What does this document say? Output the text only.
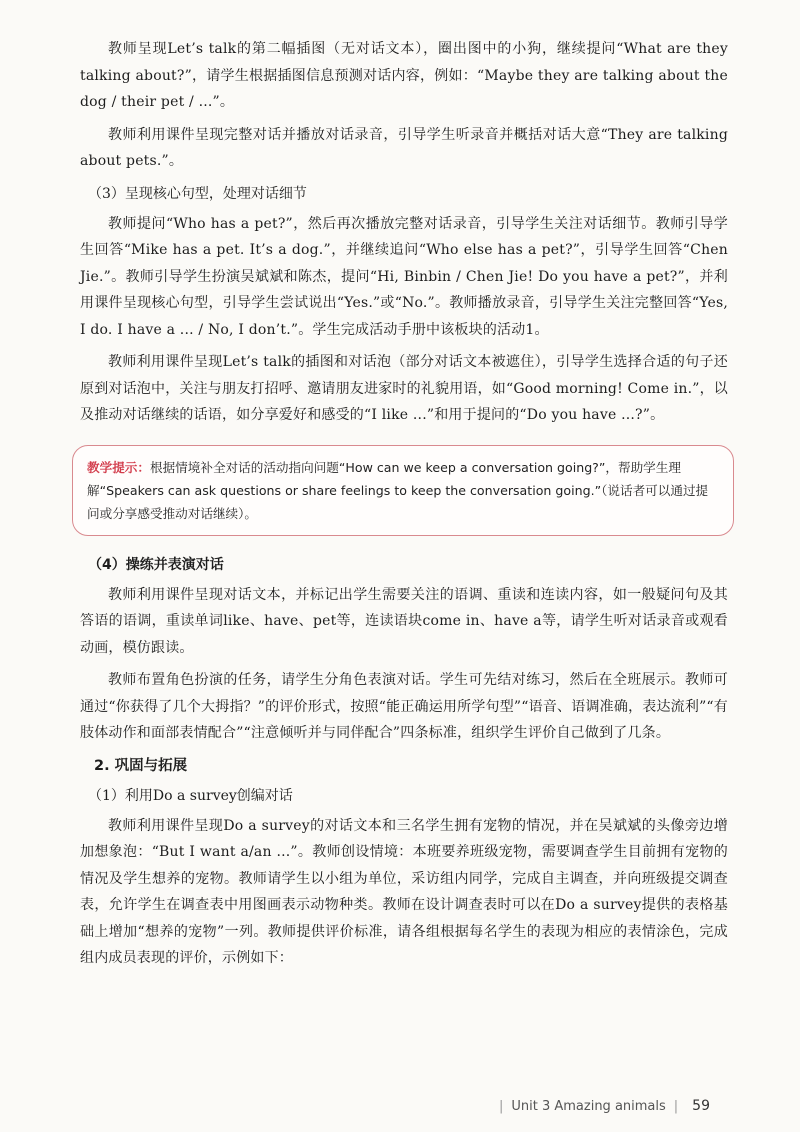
教师呈现Let’s talk的第二幅插图（无对话文本），圈出图中的小狗，继续提问“What are they talking about?”，请学生根据插图信息预测对话内容，例如：“Maybe they are talking about the dog / their pet / ...”。

教师利用课件呈现完整对话并播放对话录音，引导学生听录音并概括对话大意“They are talking about pets.”。

（3）呈现核心句型，处理对话细节

教师提问“Who has a pet?”，然后再次播放完整对话录音，引导学生关注对话细节。教师引导学生回答“Mike has a pet. It’s a dog.”，并继续追问“Who else has a pet?”，引导学生回答“Chen Jie.”。教师引导学生扮演吴斌斌和陈杰，提问“Hi, Binbin / Chen Jie! Do you have a pet?”，并利用课件呈现核心句型，引导学生尝试说出“Yes.”或“No.”。教师播放录音，引导学生关注完整回答“Yes, I do. I have a ... / No, I don’t.”。学生完成活动手册中该板块的活动1。

教师利用课件呈现Let’s talk的插图和对话泡（部分对话文本被遮住），引导学生选择合适的句子还原到对话泡中，关注与朋友打招呼、邀请朋友进家时的礼貌用语，如“Good morning! Come in.”，以及推动对话继续的话语，如分享爱好和感受的“I like ...”和用于提问的“Do you have ...?”。

教学提示：根据情境补全对话的活动指向问题“How can we keep a conversation going?”，帮助学生理解“Speakers can ask questions or share feelings to keep the conversation going.”（说话者可以通过提问或分享感受推动对话继续）。
（4）操练并表演对话

教师利用课件呈现对话文本，并标记出学生需要关注的语调、重读和连读内容，如一般疑问句及其答语的语调，重读单词like、have、pet等，连读语块come in、have a等，请学生听对话录音或观看动画，模仿跟读。

教师布置角色扮演的任务，请学生分角色表演对话。学生可先结对练习，然后在全班展示。教师可通过“你获得了几个大拇指？”的评价形式，按照“能正确运用所学句型”“语音、语调准确，表达流利”“有肢体动作和面部表情配合”“注意倾听并与同伴配合”四条标准，组织学生评价自己做到了几条。

2. 巩固与拓展
（1）利用Do a survey创编对话

教师利用课件呈现Do a survey的对话文本和三名学生拥有宠物的情况，并在吴斌斌的头像旁边增加想象泡：“But I want a/an ...”。教师创设情境：本班要养班级宠物，需要调查学生目前拥有宠物的情况及学生想养的宠物。教师请学生以小组为单位，采访组内同学，完成自主调查，并向班级提交调查表，允许学生在调查表中用图画表示动物种类。教师在设计调查表时可以在Do a survey提供的表格基础上增加“想养的宠物”一列。教师提供评价标准，请各组根据每名学生的表现为相应的表情涂色，完成组内成员表现的评价，示例如下：

| Unit 3 Amazing animals | 59
